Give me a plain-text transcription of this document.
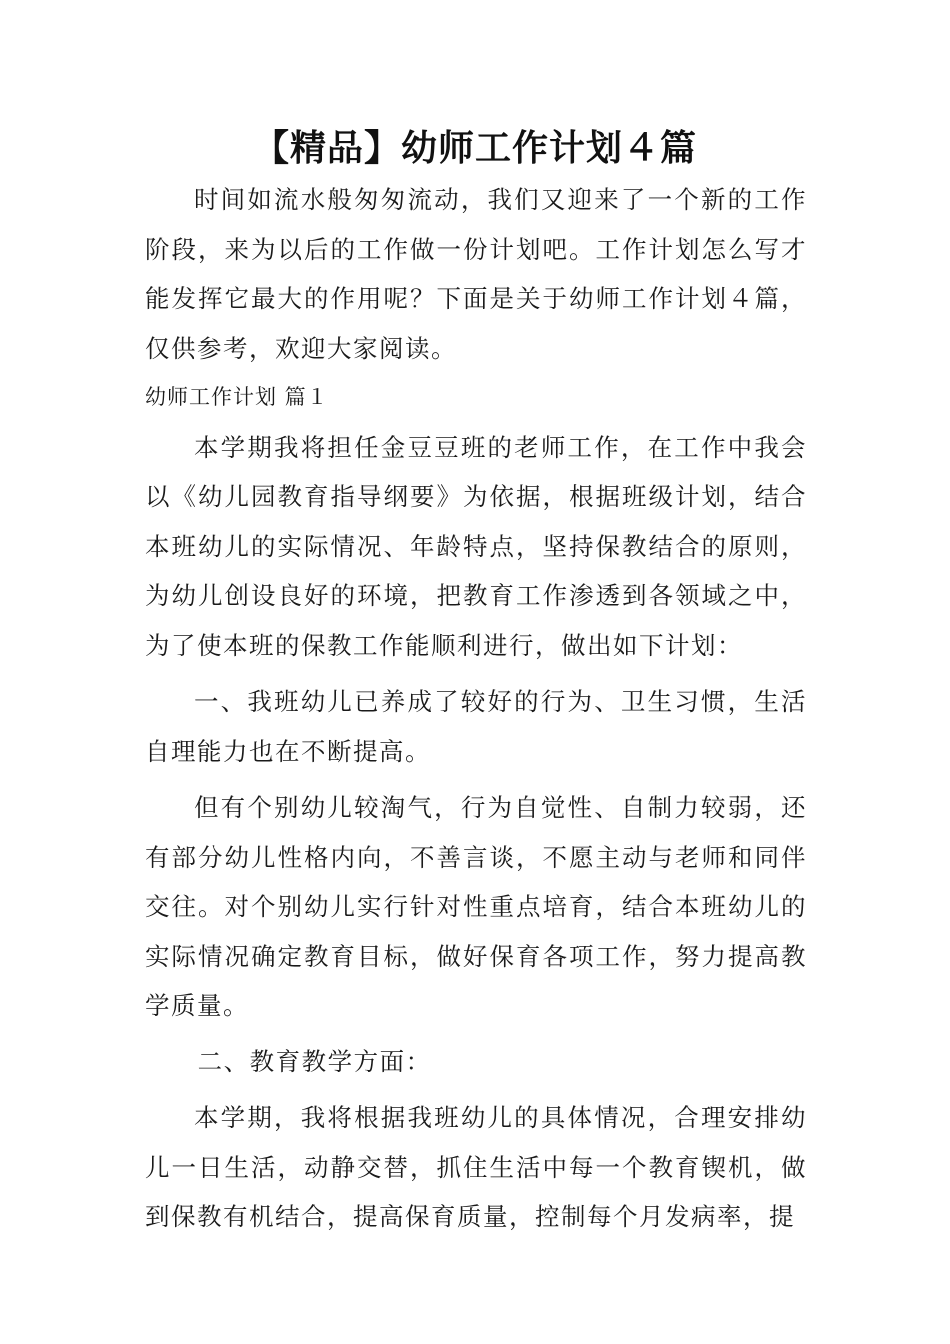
【精品】幼师工作计划４篇

时间如流水般匆匆流动，我们又迎来了一个新的工作阶段，来为以后的工作做一份计划吧。工作计划怎么写才能发挥它最大的作用呢？下面是关于幼师工作计划４篇，仅供参考，欢迎大家阅读。

幼师工作计划 篇１

本学期我将担任金豆豆班的老师工作，在工作中我会以《幼儿园教育指导纲要》为依据，根据班级计划，结合本班幼儿的实际情况、年龄特点，坚持保教结合的原则，为幼儿创设良好的环境，把教育工作渗透到各领域之中，为了使本班的保教工作能顺利进行，做出如下计划：

一、我班幼儿已养成了较好的行为、卫生习惯，生活自理能力也在不断提高。

但有个别幼儿较淘气，行为自觉性、自制力较弱，还有部分幼儿性格内向，不善言谈，不愿主动与老师和同伴交往。对个别幼儿实行针对性重点培育，结合本班幼儿的实际情况确定教育目标，做好保育各项工作，努力提高教学质量。

二、教育教学方面：

本学期，我将根据我班幼儿的具体情况，合理安排幼儿一日生活，动静交替，抓住生活中每一个教育锲机，做到保教有机结合，提高保育质量，控制每个月发病率，提
